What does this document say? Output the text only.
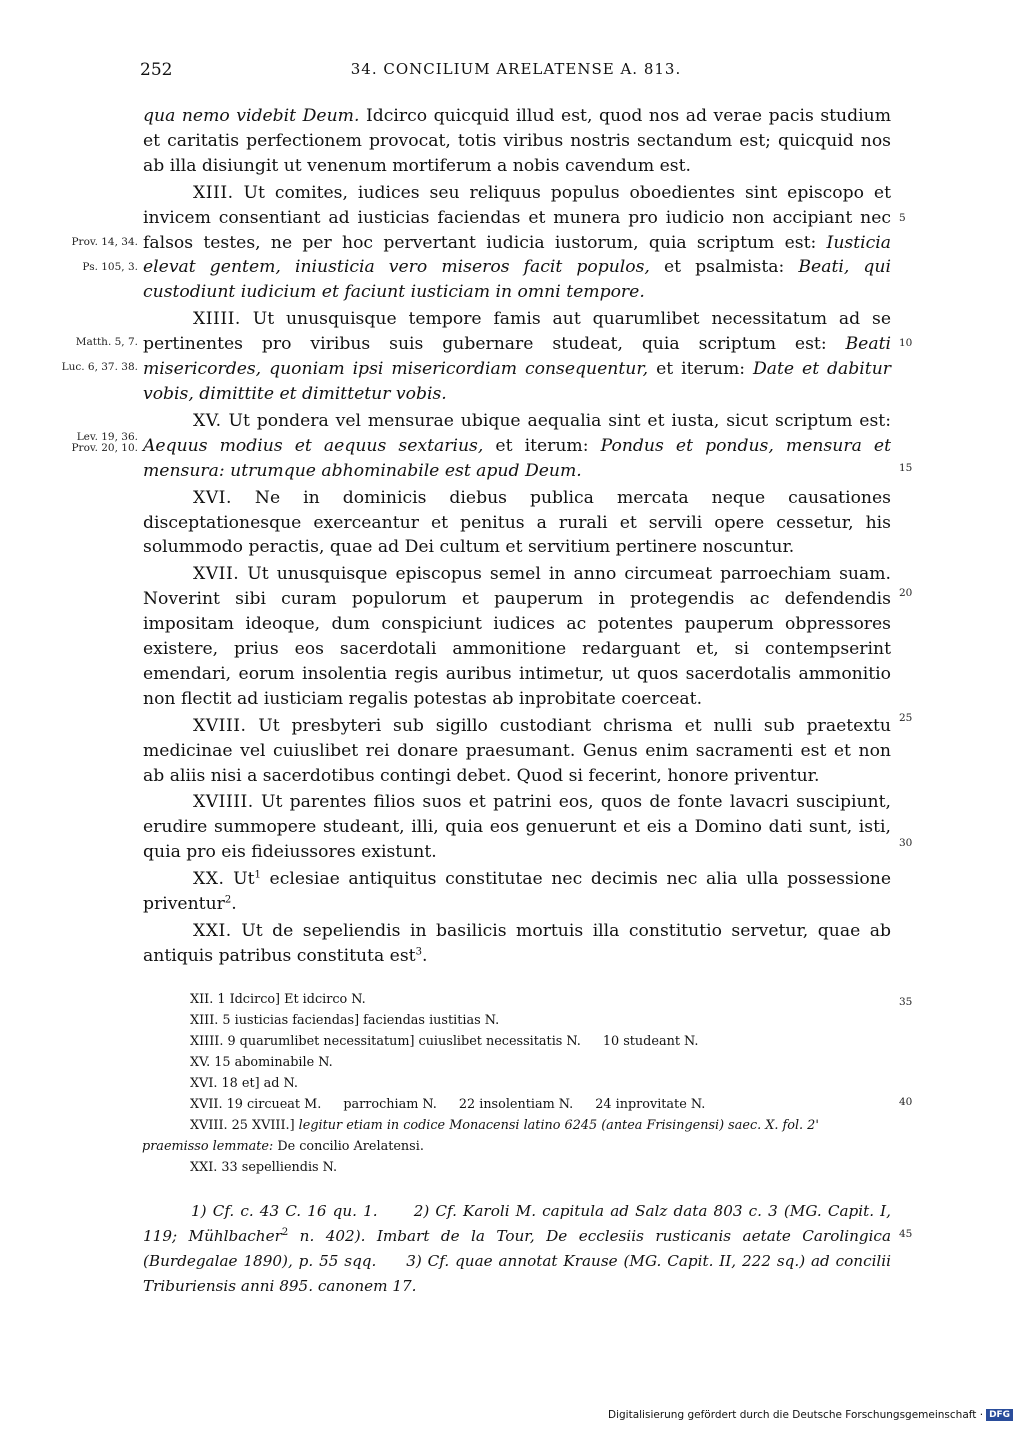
252	34. CONCILIUM ARELATENSE A. 813.

qua nemo videbit Deum. Idcirco quicquid illud est, quod nos ad verae pacis studium et caritatis perfectionem provocat, totis viribus nostris sectandum est; quicquid nos ab illa disiungit ut venenum mortiferum a nobis cavendum est.

XIII. Ut comites, iudices seu reliquus populus oboedientes sint episcopo et invicem consentiant ad iusticias faciendas et munera pro iudicio non accipiant nec falsos testes, ne per hoc pervertant iudicia iustorum, quia scriptum est: Iusticia elevat gentem, iniusticia vero miseros facit populos, et psalmista: Beati, qui custodiunt iudicium et faciunt iusticiam in omni tempore.

XIIII. Ut unusquisque tempore famis aut quarumlibet necessitatum ad se pertinentes pro viribus suis gubernare studeat, quia scriptum est: Beati misericordes, quoniam ipsi misericordiam consequentur, et iterum: Date et dabitur vobis, dimittite et dimittetur vobis.

XV. Ut pondera vel mensurae ubique aequalia sint et iusta, sicut scriptum est: Aequus modius et aequus sextarius, et iterum: Pondus et pondus, mensura et mensura: utrumque abhominabile est apud Deum.

XVI. Ne in dominicis diebus publica mercata neque causationes disceptationesque exerceantur et penitus a rurali et servili opere cessetur, his solummodo peractis, quae ad Dei cultum et servitium pertinere noscuntur.

XVII. Ut unusquisque episcopus semel in anno circumeat parroechiam suam. Noverint sibi curam populorum et pauperum in protegendis ac defendendis impositam ideoque, dum conspiciunt iudices ac potentes pauperum obpressores existere, prius eos sacerdotali ammonitione redarguant et, si contempserint emendari, eorum insolentia regis auribus intimetur, ut quos sacerdotalis ammonitio non flectit ad iusticiam regalis potestas ab inprobitate coerceat.

XVIII. Ut presbyteri sub sigillo custodiant chrisma et nulli sub praetextu medicinae vel cuiuslibet rei donare praesumant. Genus enim sacramenti est et non ab aliis nisi a sacerdotibus contingi debet. Quod si fecerint, honore priventur.

XVIIII. Ut parentes filios suos et patrini eos, quos de fonte lavacri suscipiunt, erudire summopere studeant, illi, quia eos genuerunt et eis a Domino dati sunt, isti, quia pro eis fideiussores existunt.

XX. Ut$^1$ eclesiae antiquitus constitutae nec decimis nec alia ulla possessione priventur$^2$.

XXI. Ut de sepeliendis in basilicis mortuis illa constitutio servetur, quae ab antiquis patribus constituta est$^3$.

Prov. 14, 34.
Ps. 105, 3.
Matth. 5, 7.
Luc. 6, 37. 38.
Lev. 19, 36.
Prov. 20, 10.
5
10
15
20
25
30
35
40
45
XII. 1 Idcirco] Et idcirco N.
XIII. 5 iusticias faciendas] faciendas iustitias N.
XIIII. 9 quarumlibet necessitatum] cuiuslibet necessitatis N. 10 studeant N.
XV. 15 abominabile N.
XVI. 18 et] ad N.
XVII. 19 circueat M. parrochiam N. 22 insolentiam N. 24 inprovitate N.
XVIII. 25 XVIII.] legitur etiam in codice Monacensi latino 6245 (antea Frisingensi) saec. X. fol. 2'
praemisso lemmate: De concilio Arelatensi.
XXI. 33 sepelliendis N.
1) Cf. c. 43 C. 16 qu. 1. 2) Cf. Karoli M. capitula ad Salz data 803 c. 3 (MG. Capit. I, 119; Mühlbacher$^2$ n. 402). Imbart de la Tour, De ecclesiis rusticanis aetate Carolingica (Burdegalae 1890), p. 55 sqq. 3) Cf. quae annotat Krause (MG. Capit. II, 222 sq.) ad concilii Triburiensis anni 895. canonem 17.
Digitalisierung gefördert durch die Deutsche Forschungsgemeinschaft · DFG
